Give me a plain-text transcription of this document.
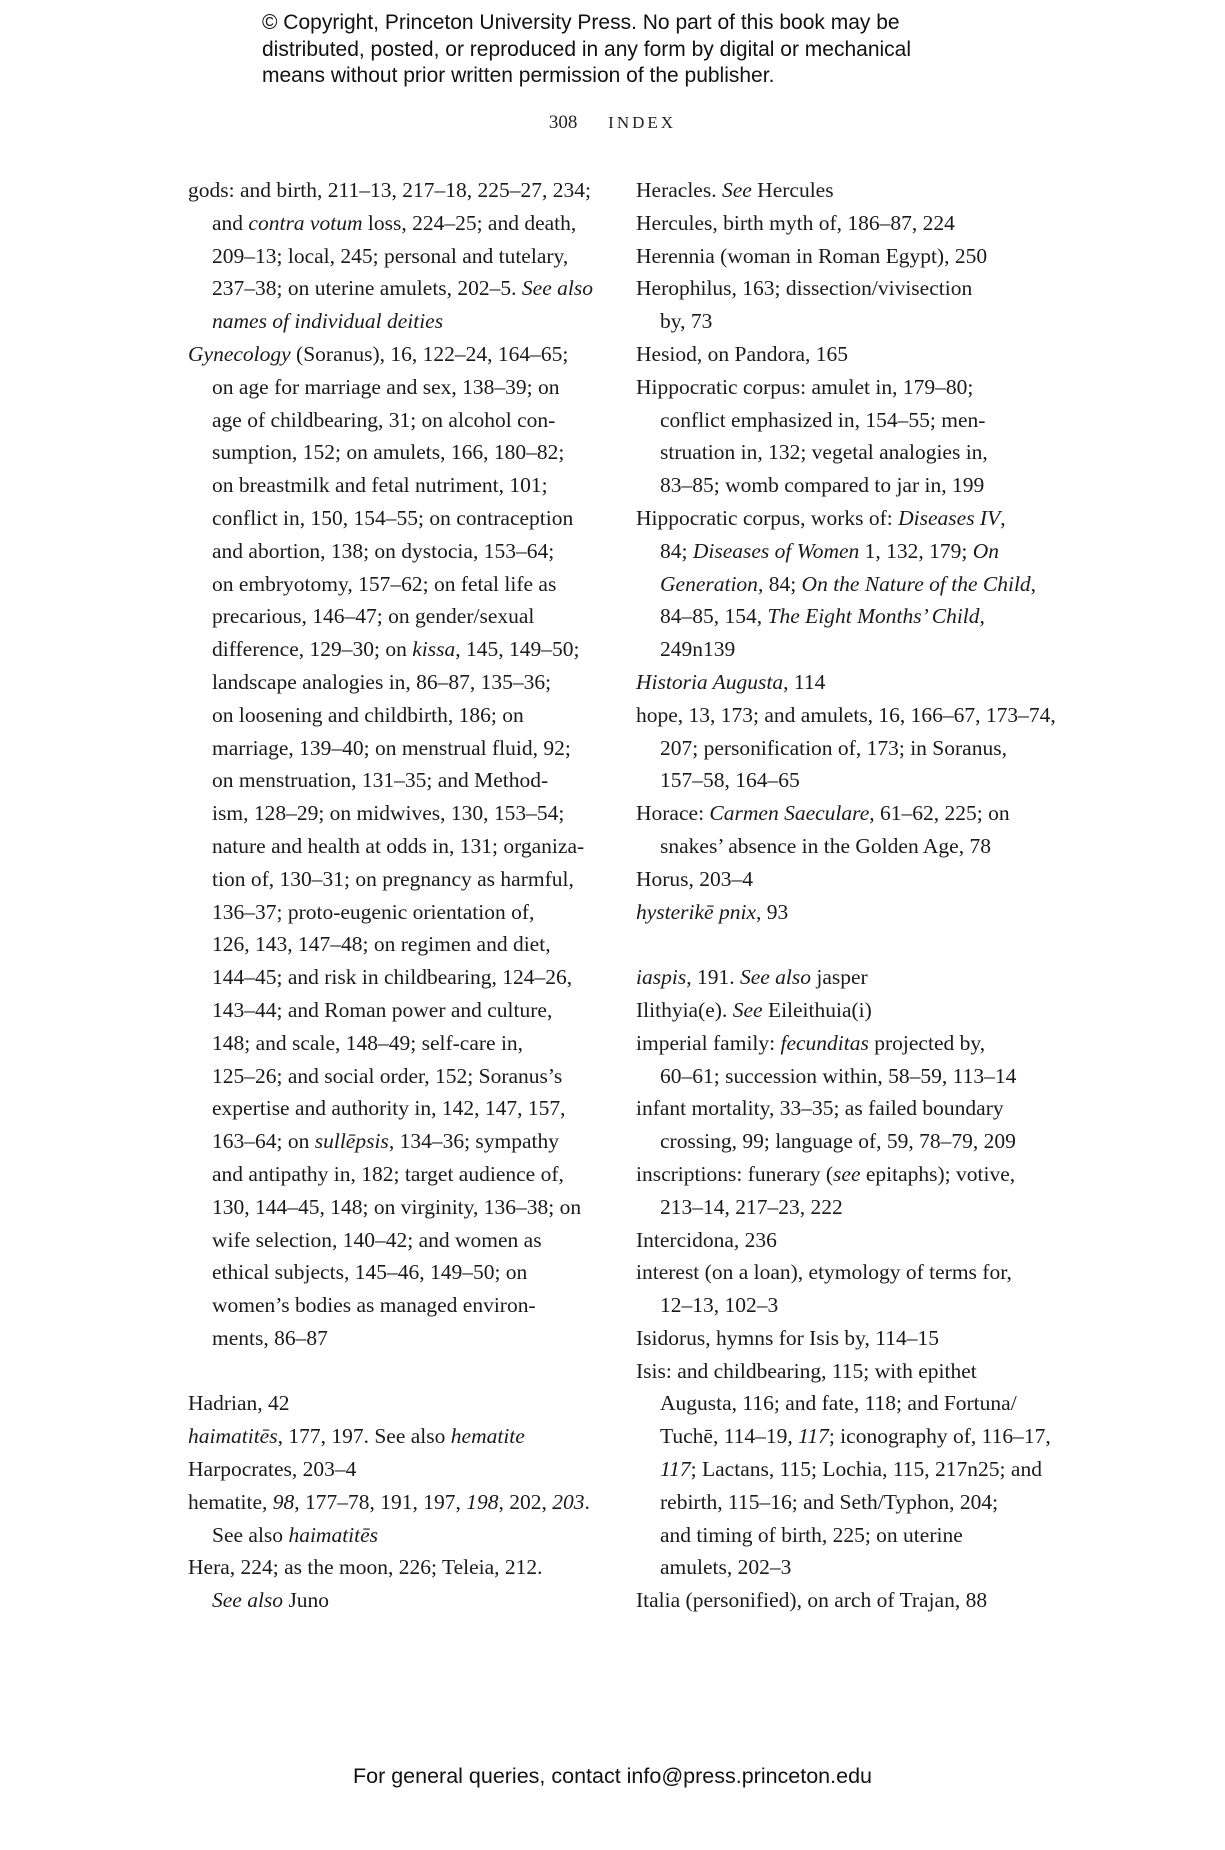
© Copyright, Princeton University Press. No part of this book may be
distributed, posted, or reproduced in any form by digital or mechanical
means without prior written permission of the publisher.
308 INDEX
gods: and birth, 211–13, 217–18, 225–27, 234;
and contra votum loss, 224–25; and death,
209–13; local, 245; personal and tutelary,
237–38; on uterine amulets, 202–5. See also
names of individual deities
Gynecology (Soranus), 16, 122–24, 164–65;
on age for marriage and sex, 138–39; on
age of childbearing, 31; on alcohol con-
sumption, 152; on amulets, 166, 180–82;
on breastmilk and fetal nutriment, 101;
conflict in, 150, 154–55; on contraception
and abortion, 138; on dystocia, 153–64;
on embryotomy, 157–62; on fetal life as
precarious, 146–47; on gender/sexual
difference, 129–30; on kissa, 145, 149–50;
landscape analogies in, 86–87, 135–36;
on loosening and childbirth, 186; on
marriage, 139–40; on menstrual fluid, 92;
on menstruation, 131–35; and Method-
ism, 128–29; on midwives, 130, 153–54;
nature and health at odds in, 131; organiza-
tion of, 130–31; on pregnancy as harmful,
136–37; proto-eugenic orientation of,
126, 143, 147–48; on regimen and diet,
144–45; and risk in childbearing, 124–26,
143–44; and Roman power and culture,
148; and scale, 148–49; self-care in,
125–26; and social order, 152; Soranus’s
expertise and authority in, 142, 147, 157,
163–64; on sullēpsis, 134–36; sympathy
and antipathy in, 182; target audience of,
130, 144–45, 148; on virginity, 136–38; on
wife selection, 140–42; and women as
ethical subjects, 145–46, 149–50; on
women’s bodies as managed environ-
ments, 86–87
Hadrian, 42
haimatitēs, 177, 197. See also hematite
Harpocrates, 203–4
hematite, 98, 177–78, 191, 197, 198, 202, 203.
See also haimatitēs
Hera, 224; as the moon, 226; Teleia, 212.
See also Juno
Heracles. See Hercules
Hercules, birth myth of, 186–87, 224
Herennia (woman in Roman Egypt), 250
Herophilus, 163; dissection/vivisection
by, 73
Hesiod, on Pandora, 165
Hippocratic corpus: amulet in, 179–80;
conflict emphasized in, 154–55; men-
struation in, 132; vegetal analogies in,
83–85; womb compared to jar in, 199
Hippocratic corpus, works of: Diseases IV,
84; Diseases of Women 1, 132, 179; On
Generation, 84; On the Nature of the Child,
84–85, 154, The Eight Months’ Child,
249n139
Historia Augusta, 114
hope, 13, 173; and amulets, 16, 166–67, 173–74,
207; personification of, 173; in Soranus,
157–58, 164–65
Horace: Carmen Saeculare, 61–62, 225; on
snakes’ absence in the Golden Age, 78
Horus, 203–4
hysterikē pnix, 93
iaspis, 191. See also jasper
Ilithyia(e). See Eileithuia(i)
imperial family: fecunditas projected by,
60–61; succession within, 58–59, 113–14
infant mortality, 33–35; as failed boundary
crossing, 99; language of, 59, 78–79, 209
inscriptions: funerary (see epitaphs); votive,
213–14, 217–23, 222
Intercidona, 236
interest (on a loan), etymology of terms for,
12–13, 102–3
Isidorus, hymns for Isis by, 114–15
Isis: and childbearing, 115; with epithet
Augusta, 116; and fate, 118; and Fortuna/
Tuchē, 114–19, 117; iconography of, 116–17,
117; Lactans, 115; Lochia, 115, 217n25; and
rebirth, 115–16; and Seth/Typhon, 204;
and timing of birth, 225; on uterine
amulets, 202–3
Italia (personified), on arch of Trajan, 88
For general queries, contact info@press.princeton.edu
